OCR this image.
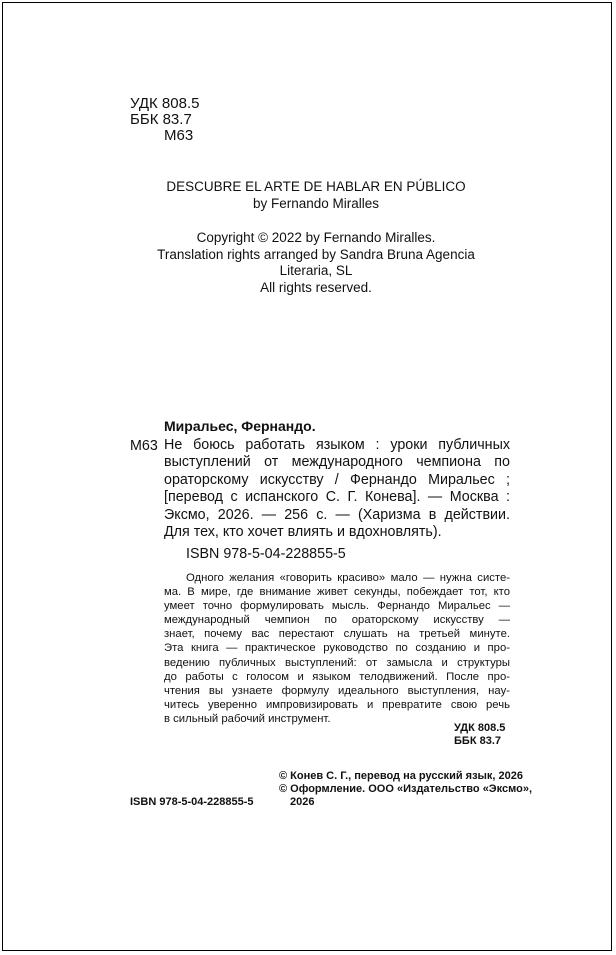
УДК 808.5
ББК 83.7
М63
DESCUBRE EL ARTE DE HABLAR EN PÚBLICO
by Fernando Miralles
Copyright © 2022 by Fernando Miralles.
Translation rights arranged by Sandra Bruna Agencia
Literaria, SL
All rights reserved.
Миральес, Фернандо.
М63 Не боюсь работать языком : уроки публичных
выступлений от международного чемпиона по
ораторскому искусству / Фернандо Миральес ;
[перевод с испанского С. Г. Конева]. — Москва :
Эксмо, 2026. — 256 с. — (Харизма в действии.
Для тех, кто хочет влиять и вдохновлять).
ISBN 978-5-04-228855-5
Одного желания «говорить красиво» мало — нужна систе-
ма. В мире, где внимание живет секунды, побеждает тот, кто
умеет точно формулировать мысль. Фернандо Миральес —
международный чемпион по ораторскому искусству —
знает, почему вас перестают слушать на третьей минуте.
Эта книга — практическое руководство по созданию и про-
ведению публичных выступлений: от замысла и структуры
до работы с голосом и языком телодвижений. После про-
чтения вы узнаете формулу идеального выступления, нау-
читесь уверенно импровизировать и превратите свою речь
в сильный рабочий инструмент.
УДК 808.5
ББК 83.7
© Конев С. Г., перевод на русский язык, 2026
© Оформление. ООО «Издательство «Эксмо»,
2026
ISBN 978-5-04-228855-5
